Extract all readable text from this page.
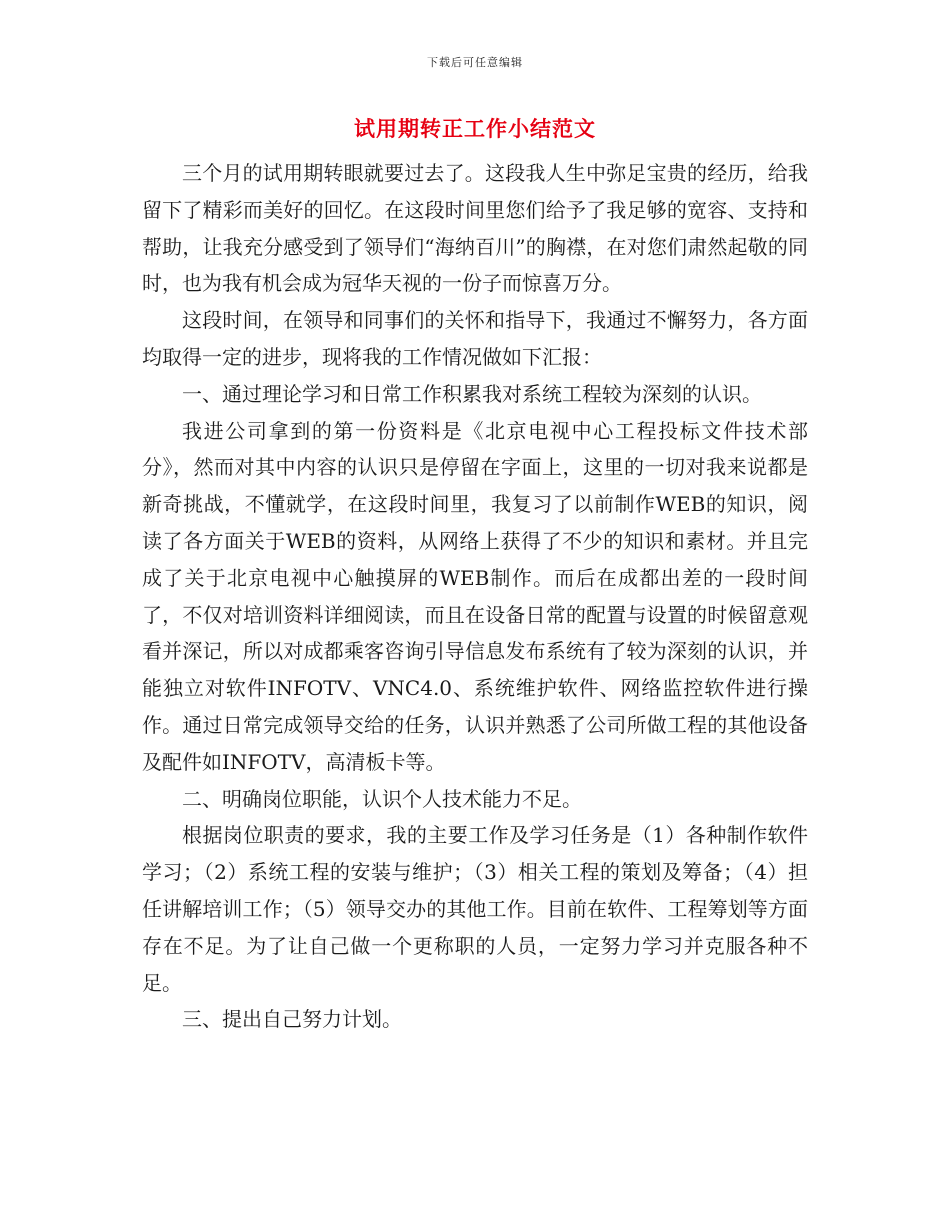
下载后可任意编辑
试用期转正工作小结范文

三个月的试用期转眼就要过去了。这段我人生中弥足宝贵的经历，给我留下了精彩而美好的回忆。在这段时间里您们给予了我足够的宽容、支持和帮助，让我充分感受到了领导们“海纳百川”的胸襟，在对您们肃然起敬的同时，也为我有机会成为冠华天视的一份子而惊喜万分。

这段时间，在领导和同事们的关怀和指导下，我通过不懈努力，各方面均取得一定的进步，现将我的工作情况做如下汇报：

一、通过理论学习和日常工作积累我对系统工程较为深刻的认识。

我进公司拿到的第一份资料是《北京电视中心工程投标文件技术部分》，然而对其中内容的认识只是停留在字面上，这里的一切对我来说都是新奇挑战，不懂就学，在这段时间里，我复习了以前制作WEB的知识，阅读了各方面关于WEB的资料，从网络上获得了不少的知识和素材。并且完成了关于北京电视中心触摸屏的WEB制作。而后在成都出差的一段时间了，不仅对培训资料详细阅读，而且在设备日常的配置与设置的时候留意观看并深记，所以对成都乘客咨询引导信息发布系统有了较为深刻的认识，并能独立对软件INFOTV、VNC4.0、系统维护软件、网络监控软件进行操作。通过日常完成领导交给的任务，认识并熟悉了公司所做工程的其他设备及配件如INFOTV，高清板卡等。

二、明确岗位职能，认识个人技术能力不足。

根据岗位职责的要求，我的主要工作及学习任务是（1）各种制作软件学习；（2）系统工程的安装与维护；（3）相关工程的策划及筹备；（4）担任讲解培训工作；（5）领导交办的其他工作。目前在软件、工程筹划等方面存在不足。为了让自己做一个更称职的人员，一定努力学习并克服各种不足。

三、提出自己努力计划。
